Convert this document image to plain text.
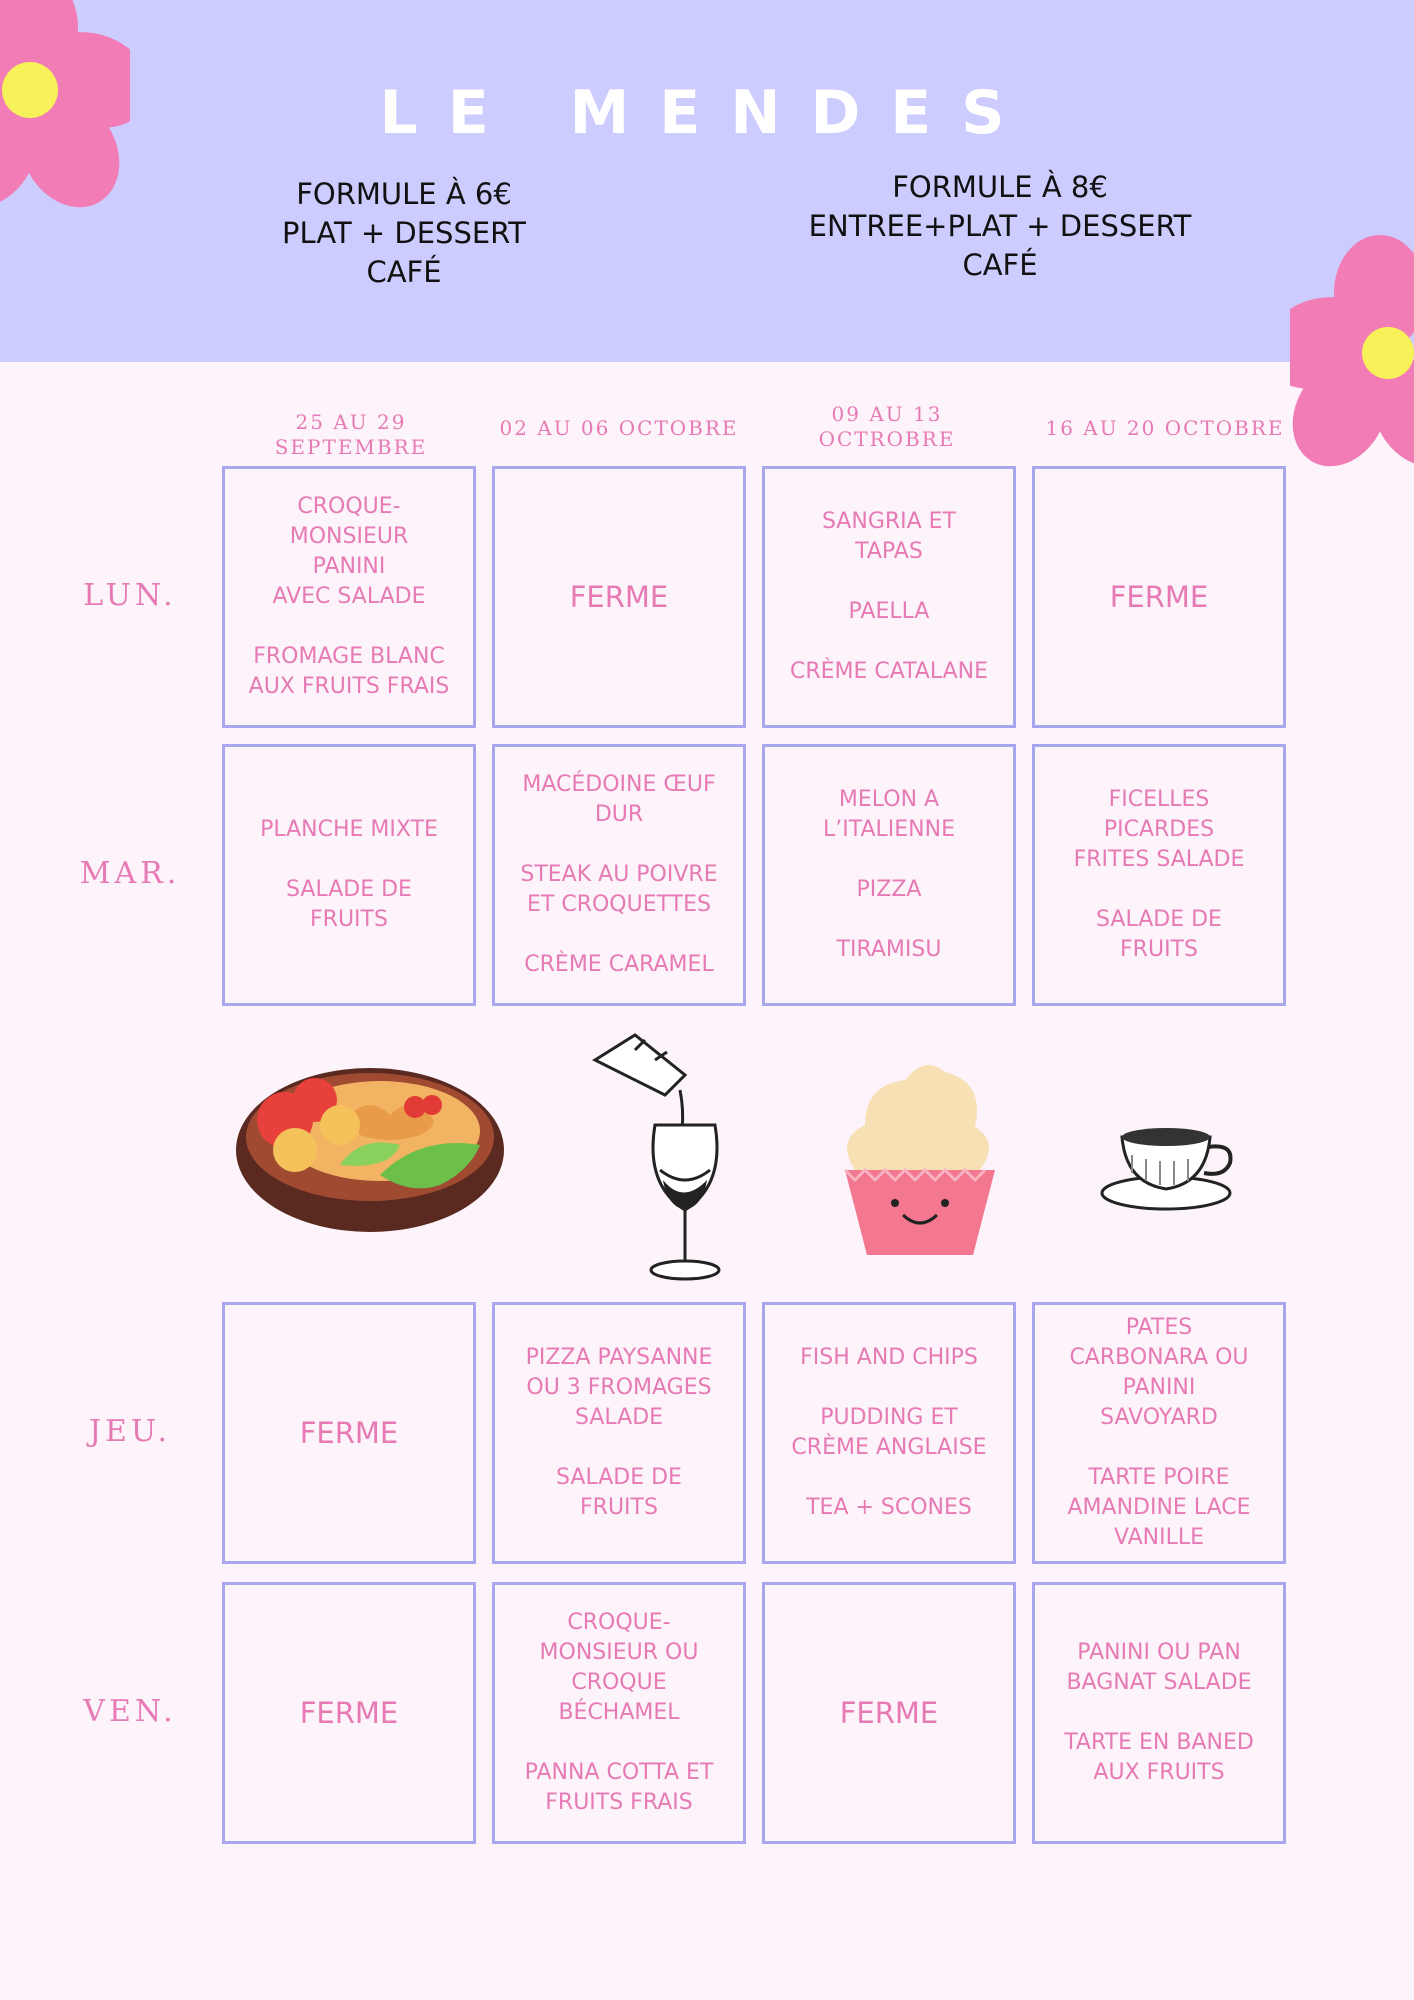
LE MENDES
FORMULE À 6€
PLAT + DESSERT
CAFÉ
FORMULE À 8€
ENTREE+PLAT + DESSERT
CAFÉ
25 AU 29 SEPTEMBRE
02 AU 06 OCTOBRE
09 AU 13 OCTROBRE	16 AU 20 OCTOBRE
LUN.
MAR.
JEU.
VEN.
CROQUE-
MONSIEUR
PANINI
AVEC SALADE
FROMAGE BLANC
AUX FRUITS FRAIS
FERME
SANGRIA ET
TAPAS
PAELLA
CRÈME CATALANE
FERME
PLANCHE MIXTE
SALADE DE
FRUITS
MACÉDOINE ŒUF
DUR
STEAK AU POIVRE
ET CROQUETTES
CRÈME CARAMEL
MELON A
L’ITALIENNE
PIZZA
TIRAMISU
FICELLES
PICARDES
FRITES SALADE
SALADE DE
FRUITS
FERME
PIZZA PAYSANNE
OU 3 FROMAGES
SALADE
SALADE DE
FRUITS
FISH AND CHIPS
PUDDING ET
CRÈME ANGLAISE
TEA + SCONES
PATES
CARBONARA OU
PANINI
SAVOYARD
TARTE POIRE
AMANDINE LACE
VANILLE
FERME
CROQUE-
MONSIEUR OU
CROQUE
BÉCHAMEL
PANNA COTTA ET
FRUITS FRAIS
FERME
PANINI OU PAN
BAGNAT SALADE
TARTE EN BANED
AUX FRUITS
